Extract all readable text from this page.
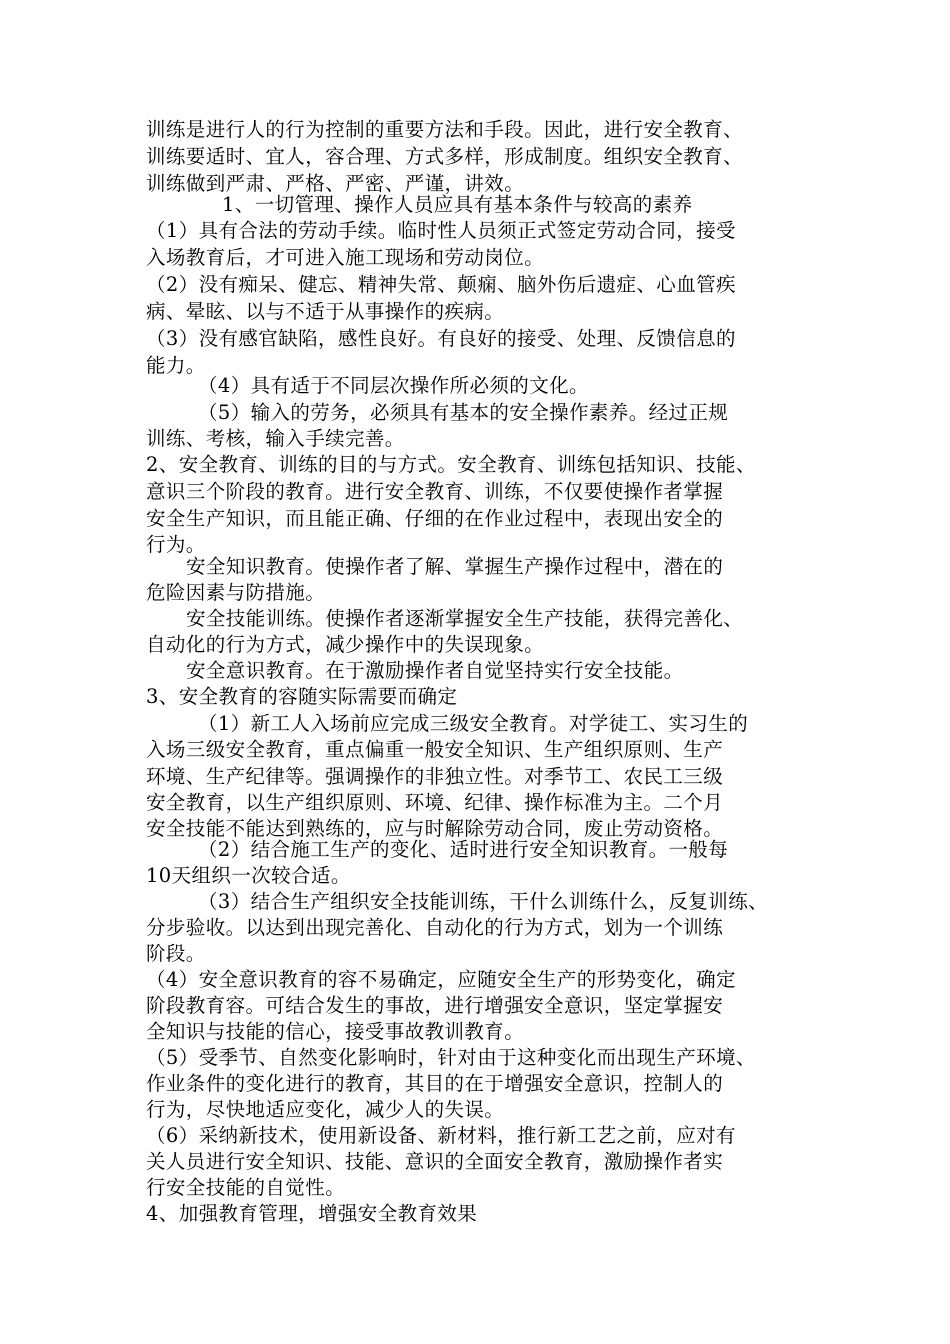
训练是进行人的行为控制的重要方法和手段。因此，进行安全教育、
训练要适时、宜人，容合理、方式多样，形成制度。组织安全教育、
训练做到严肃、严格、严密、严谨，讲效。
1、一切管理、操作人员应具有基本条件与较高的素养
（1）具有合法的劳动手续。临时性人员须正式签定劳动合同，接受
入场教育后，才可进入施工现场和劳动岗位。
（2）没有痴呆、健忘、精神失常、颠痫、脑外伤后遗症、心血管疾
病、晕眩、以与不适于从事操作的疾病。
（3）没有感官缺陷，感性良好。有良好的接受、处理、反馈信息的
能力。
（4）具有适于不同层次操作所必须的文化。
（5）输入的劳务，必须具有基本的安全操作素养。经过正规
训练、考核，输入手续完善。
2、安全教育、训练的目的与方式。安全教育、训练包括知识、技能、
意识三个阶段的教育。进行安全教育、训练，不仅要使操作者掌握
安全生产知识，而且能正确、仔细的在作业过程中，表现出安全的
行为。
安全知识教育。使操作者了解、掌握生产操作过程中，潜在的
危险因素与防措施。
安全技能训练。使操作者逐渐掌握安全生产技能，获得完善化、
自动化的行为方式，减少操作中的失误现象。
安全意识教育。在于激励操作者自觉坚持实行安全技能。
3、安全教育的容随实际需要而确定
（1）新工人入场前应完成三级安全教育。对学徒工、实习生的
入场三级安全教育，重点偏重一般安全知识、生产组织原则、生产
环境、生产纪律等。强调操作的非独立性。对季节工、农民工三级
安全教育，以生产组织原则、环境、纪律、操作标准为主。二个月
安全技能不能达到熟练的，应与时解除劳动合同，废止劳动资格。
（2）结合施工生产的变化、适时进行安全知识教育。一般每
10天组织一次较合适。
（3）结合生产组织安全技能训练，干什么训练什么，反复训练、
分步验收。以达到出现完善化、自动化的行为方式，划为一个训练
阶段。
（4）安全意识教育的容不易确定，应随安全生产的形势变化，确定
阶段教育容。可结合发生的事故，进行增强安全意识，坚定掌握安
全知识与技能的信心，接受事故教训教育。
（5）受季节、自然变化影响时，针对由于这种变化而出现生产环境、
作业条件的变化进行的教育，其目的在于增强安全意识，控制人的
行为，尽快地适应变化，减少人的失误。
（6）采纳新技术，使用新设备、新材料，推行新工艺之前，应对有
关人员进行安全知识、技能、意识的全面安全教育，激励操作者实
行安全技能的自觉性。
4、加强教育管理，增强安全教育效果
